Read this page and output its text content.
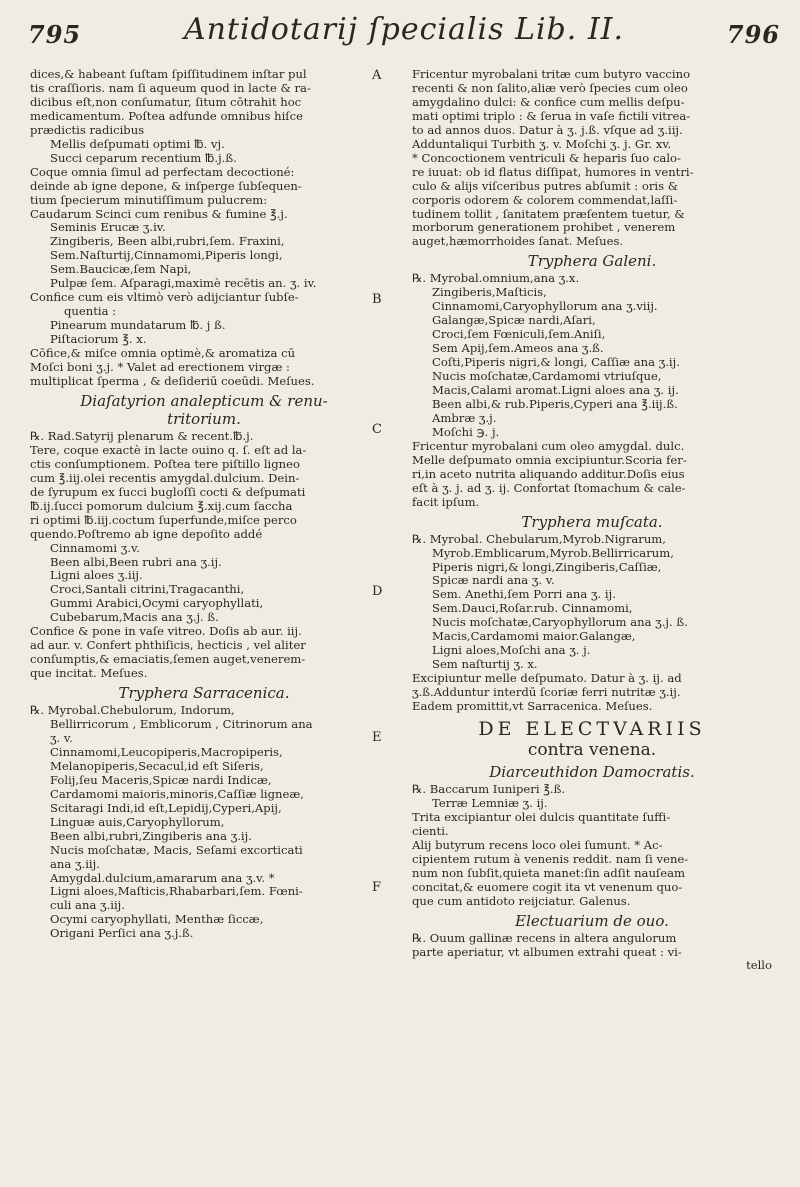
795	Antidotarij ſpecialis Lib. II.	796
A
B
C
D
E
F

dices,& habeant ſuſtam ſpiſſitudinem inſtar pul

tis craſſioris. nam ſi aqueum quod in lacte & ra-

dicibus eſt,non conſumatur, ſitum cōtrahit hoc

medicamentum. Poſtea adfunde omnibus hiſce

prædictis radicibus

Mellis deſpumati optimi ℔. vj.

Succi ceparum recentium ℔.j.ß.

Coque omnia ſimul ad perfectam decoctioné:

deinde ab igne depone, & inſperge ſubſequen-

tium ſpecierum minutiſſimum pulucrem:

Caudarum Scinci cum renibus & fumine ℥.j.

Seminis Erucæ ʒ.iv.

Zingiberis, Been albi,rubri,ſem. Fraxini,

Sem.Naſturtij,Cinnamomi,Piperis longi,

Sem.Baucicæ,ſem Napi,

Pulpæ ſem. Aſparagi,maximè recētis an. ʒ. iv.

Confice cum eis vltimò verò adijciantur ſubſe-

quentia :

Pinearum mundatarum ℔. j ß.

Piſtaciorum ℥. x.

Cōfice,& miſce omnia optimè,& aromatiza cū

Moſci boni ʒ.j. * Valet ad erectionem virgæ :

multiplicat ſperma , & deſideriū coeūdi. Meſues.

Diaſatyrion analepticum & renu-
tritorium.

℞. Rad.Satyrij plenarum & recent.℔.j.

Tere, coque exactè in lacte ouino q. ſ. eſt ad la-

ctis conſumptionem. Poſtea tere piſtillo ligneo

cum ℥.iij.olei recentis amygdal.dulcium. Dein-

de ſyrupum ex ſucci bugloſſi cocti & deſpumati

℔.ij.ſucci pomorum dulcium ℥.xij.cum ſaccha

ri optimi ℔.iij.coctum ſuperfunde,miſce perco

quendo.Poſtremo ab igne depoſito addé

Cinnamomi ʒ.v.

Been albi,Been rubri ana ʒ.ij.

Ligni aloes ʒ.iij.

Croci,Santali citrini,Tragacanthi,

Gummi Arabici,Ocymi caryophyllati,

Cubebarum,Macis ana ʒ.j. ß.

Confice & pone in vaſe vitreo. Doſis ab aur. iij.

ad aur. v. Confert phthiſicis, hecticis , vel aliter

conſumptis,& emaciatis,ſemen auget,venerem-

que incitat. Meſues.

Tryphera Sarracenica.

℞. Myrobal.Chebulorum, Indorum,

Bellirricorum , Emblicorum , Citrinorum ana

ʒ. v.

Cinnamomi,Leucopiperis,Macropiperis,

Melanopiperis,Secacul,id eſt Siſeris,

Folij,ſeu Maceris,Spicæ nardi Indicæ,

Cardamomi maioris,minoris,Caſſiæ ligneæ,

Scitaragi Indi,id eſt,Lepidij,Cyperi,Apij,

Linguæ auis,Caryophyllorum,

Been albi,rubri,Zingiberis ana ʒ.ij.

Nucis moſchatæ, Macis, Seſami excorticati

ana ʒ.iij.

Amygdal.dulcium,amararum ana ʒ.v. *

Ligni aloes,Maſticis,Rhabarbari,ſem. Fœni-

culi ana ʒ.iij.

Ocymi caryophyllati, Menthæ ſiccæ,

Origani Perſici ana ʒ.j.ß.

Fricentur myrobalani tritæ cum butyro vaccino

recenti & non ſalito,aliæ verò ſpecies cum oleo

amygdalino dulci: & confice cum mellis deſpu-

mati optimi triplo : & ſerua in vaſe fictili vitrea-

to ad annos duos. Datur à ʒ. j.ß. vſque ad ʒ.iij.

Adduntaliqui Turbith ʒ. v. Moſchi ʒ. j. Gr. xv.

* Concoctionem ventriculi & heparis ſuo calo-

re iuuat: ob id flatus diſſipat, humores in ventri-

culo & alijs viſceribus putres abſumit : oris &

corporis odorem & colorem commendat,laſſi-

tudinem tollit , ſanitatem præſentem tuetur, &

morborum generationem prohibet , venerem

auget,hæmorrhoides ſanat. Meſues.

Tryphera Galeni.

℞. Myrobal.omnium,ana ʒ.x.

Zingiberis,Maſticis,

Cinnamomi,Caryophyllorum ana ʒ.viij.

Galangæ,Spicæ nardi,Aſari,

Croci,ſem Fœniculi,ſem.Aniſi,

Sem Apij,ſem.Ameos ana ʒ.ß.

Coſti,Piperis nigri,& longi, Caſſiæ ana ʒ.ij.

Nucis moſchatæ,Cardamomi vtriuſque,

Macis,Calami aromat.Ligni aloes ana ʒ. ij.

Been albi,& rub.Piperis,Cyperi ana ℥.iij.ß.

Ambræ ʒ.j.

Moſchi ℈. j.

Fricentur myrobalani cum oleo amygdal. dulc.

Melle deſpumato omnia excipiuntur.Scoria fer-

ri,in aceto nutrita aliquando additur.Doſis eius

eſt à ʒ. j. ad ʒ. ij. Confortat ſtomachum & cale-

facit ipſum.

Tryphera muſcata.

℞. Myrobal. Chebularum,Myrob.Nigrarum,

Myrob.Emblicarum,Myrob.Bellirricarum,

Piperis nigri,& longi,Zingiberis,Caſſiæ,

Spicæ nardi ana ʒ. v.

Sem. Anethi,ſem Porri ana ʒ. ij.

Sem.Dauci,Roſar.rub. Cinnamomi,

Nucis moſchatæ,Caryophyllorum ana ʒ.j. ß.

Macis,Cardamomi maior.Galangæ,

Ligni aloes,Moſchi ana ʒ. j.

Sem naſturtij ʒ. x.

Excipiuntur melle deſpumato. Datur à ʒ. ij. ad

ʒ.ß.Adduntur interdū ſcoriæ ferri nutritæ ʒ.ij.

Eadem promittit,vt Sarracenica. Meſues.

DE ELECTVARIIS
contra venena.
Diarceuthidon Damocratis.

℞. Baccarum Iuniperi ℥.ß.

Terræ Lemniæ ʒ. ij.

Trita excipiantur olei dulcis quantitate ſuffi-

cienti.

Alij butyrum recens loco olei ſumunt. * Ac-

cipientem rutum à venenis reddit. nam ſi vene-

num non ſubſit,quieta manet:ſin adſit nauſeam

concitat,& euomere cogit ita vt venenum quo-

que cum antidoto reijciatur. Galenus.

Electuarium de ouo.

℞. Ouum gallinæ recens in altera angulorum

parte aperiatur, vt albumen extrahi queat : vi-

tello
